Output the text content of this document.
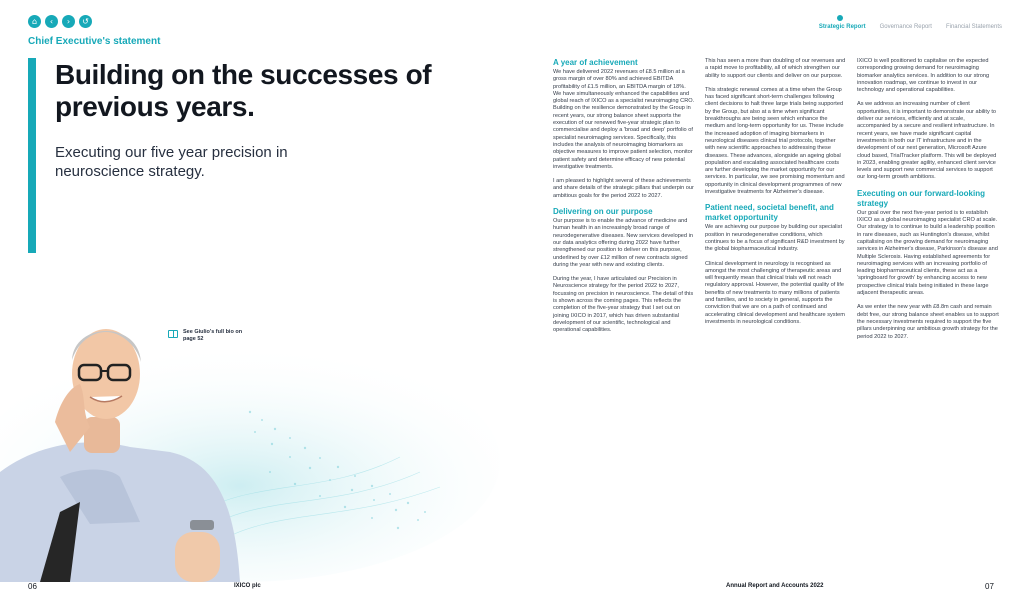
⌂	‹	›	↺
Chief Executive's statement
Strategic Report Governance Report Financial Statements
Building on the successes of previous years.
Executing our five year precision in neuroscience strategy.
See Giulio's full bio on page 52
A year of achievement

We have delivered 2022 revenues of £8.5 million at a gross margin of over 80% and achieved EBITDA profitability of £1.5 million, an EBITDA margin of 18%. We have simultaneously enhanced the capabilities and global reach of IXICO as a specialist neuroimaging CRO. Building on the resilience demonstrated by the Group in recent years, our strong balance sheet supports the execution of our renewed five-year strategic plan to commercialise and deploy a 'broad and deep' portfolio of specialist neuroimaging services. Specifically, this includes the analysis of neuroimaging biomarkers as objective measures to improve patient selection, monitor patient safety and determine efficacy of new potential investigative treatments.

I am pleased to highlight several of these achievements and share details of the strategic pillars that underpin our ambitious goals for the period 2022 to 2027.

Delivering on our purpose

Our purpose is to enable the advance of medicine and human health in an increasingly broad range of neurodegenerative diseases. New services developed in our data analytics offering during 2022 have further strengthened our position to deliver on this purpose, underlined by over £12 million of new contracts signed during the year with new and existing clients.

During the year, I have articulated our Precision in Neuroscience strategy for the period 2022 to 2027, focussing on precision in neuroscience. The detail of this is shown across the coming pages. This reflects the completion of the five-year strategy that I set out on joining IXICO in 2017, which has driven substantial development of our scientific, technological and operational capabilities.

This has seen a more than doubling of our revenues and a rapid move to profitability, all of which strengthen our ability to support our clients and deliver on our purpose.

This strategic renewal comes at a time when the Group has faced significant short-term challenges following client decisions to halt three large trials being supported by the Group, but also at a time when significant breakthroughs are being seen which enhance the medium and long-term opportunity for us. These include the increased adoption of imaging biomarkers in neurological diseases clinical trial protocols, together with new scientific approaches to addressing these diseases. These advances, alongside an ageing global population and escalating associated healthcare costs are further developing the market opportunity for our services. In particular, we see promising momentum and opportunity in clinical development programmes of new investigative treatments for Alzheimer's disease.

Patient need, societal benefit, and market opportunity

We are achieving our purpose by building our specialist position in neurodegenerative conditions, which continues to be a focus of significant R&D investment by the global biopharmaceutical industry.

Clinical development in neurology is recognised as amongst the most challenging of therapeutic areas and will frequently mean that clinical trials will not reach regulatory approval. However, the potential quality of life benefits of new treatments to many millions of patients and families, and to society in general, supports the conviction that we are on a path of continued and accelerating clinical development and healthcare system investments in neurological conditions.

IXICO is well positioned to capitalise on the expected corresponding growing demand for neuroimaging biomarker analytics services. In addition to our strong innovation roadmap, we continue to invest in our technology and operational capabilities.

As we address an increasing number of client opportunities, it is important to demonstrate our ability to deliver our services, efficiently and at scale, accompanied by a secure and resilient infrastructure. In recent years, we have made significant capital investments in both our IT infrastructure and in the development of our next generation, Microsoft Azure cloud based, TrialTracker platform. This will be deployed in 2023, enabling greater agility, enhanced client service levels and support new commercial services to support our long-term growth ambitions.

Executing on our forward-looking strategy

Our goal over the next five-year period is to establish IXICO as a global neuroimaging specialist CRO at scale. Our strategy is to continue to build a leadership position in rare diseases, such as Huntington's disease, whilst capitalising on the growing demand for neuroimaging services in Alzheimer's disease, Parkinson's disease and Multiple Sclerosis. Having established agreements for neuroimaging services with an increasing portfolio of leading biopharmaceutical clients, these act as a 'springboard for growth' by enhancing access to new prospective clinical trials being initiated in these large adjacent therapeutic areas.

As we enter the new year with £8.8m cash and remain debt free, our strong balance sheet enables us to support the necessary investments required to support the five pillars underpinning our ambitious growth strategy for the period 2022 to 2027.

06	IXICO plc	Annual Report and Accounts 2022	07
